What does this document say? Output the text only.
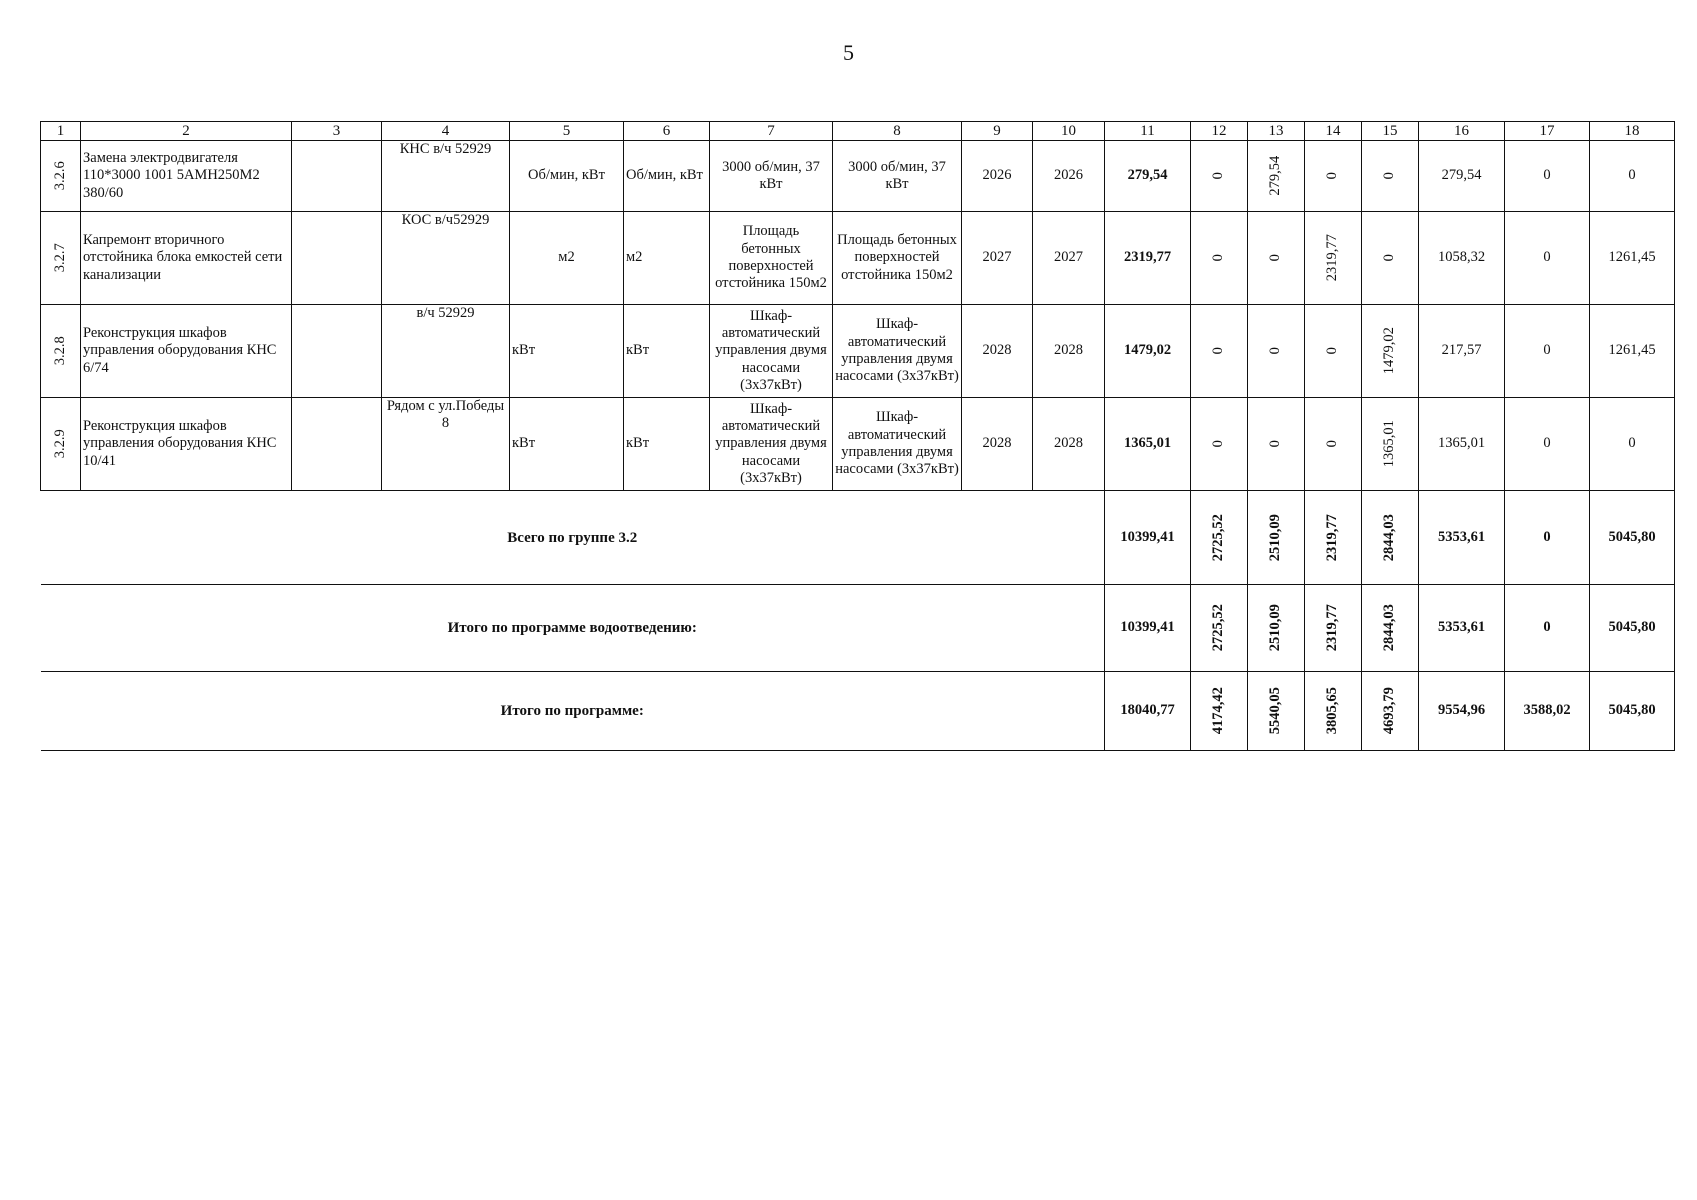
5
1	2	3	4	5	6	7	8	9	10	11	12	13	14	15	16	17	18
3.2.6	Замена электродвигателя 110*3000 1001 5АМН250М2 380/60		КНС в/ч 52929	Об/мин, кВт	Об/мин, кВт	3000 об/мин, 37 кВт	3000 об/мин, 37 кВт	2026	2026	279,54	0	279,54	0	0	279,54	0	0
3.2.7	Капремонт вторичного отстойника блока емкостей сети канализации		КОС в/ч52929	м2	м2	Площадь бетонных поверхностей отстойника 150м2	Площадь бетонных поверхностей отстойника 150м2	2027	2027	2319,77	0	0	2319,77	0	1058,32	0	1261,45
3.2.8	Реконструкция шкафов управления оборудования КНС 6/74		в/ч 52929	кВт	кВт	Шкаф-автоматический управления двумя насосами (3х37кВт)	Шкаф-автоматический управления двумя насосами (3х37кВт)	2028	2028	1479,02	0	0	0	1479,02	217,57	0	1261,45
3.2.9	Реконструкция шкафов управления оборудования КНС 10/41		Рядом с ул.Победы 8	кВт	кВт	Шкаф-автоматический управления двумя насосами (3х37кВт)	Шкаф-автоматический управления двумя насосами (3х37кВт)	2028	2028	1365,01	0	0	0	1365,01	1365,01	0	0
Всего по группе 3.2										10399,41	2725,52	2510,09	2319,77	2844,03	5353,61	0	5045,80
Итого по программе водоотведению:										10399,41	2725,52	2510,09	2319,77	2844,03	5353,61	0	5045,80
Итого по программе:										18040,77	4174,42	5540,05	3805,65	4693,79	9554,96	3588,02	5045,80
